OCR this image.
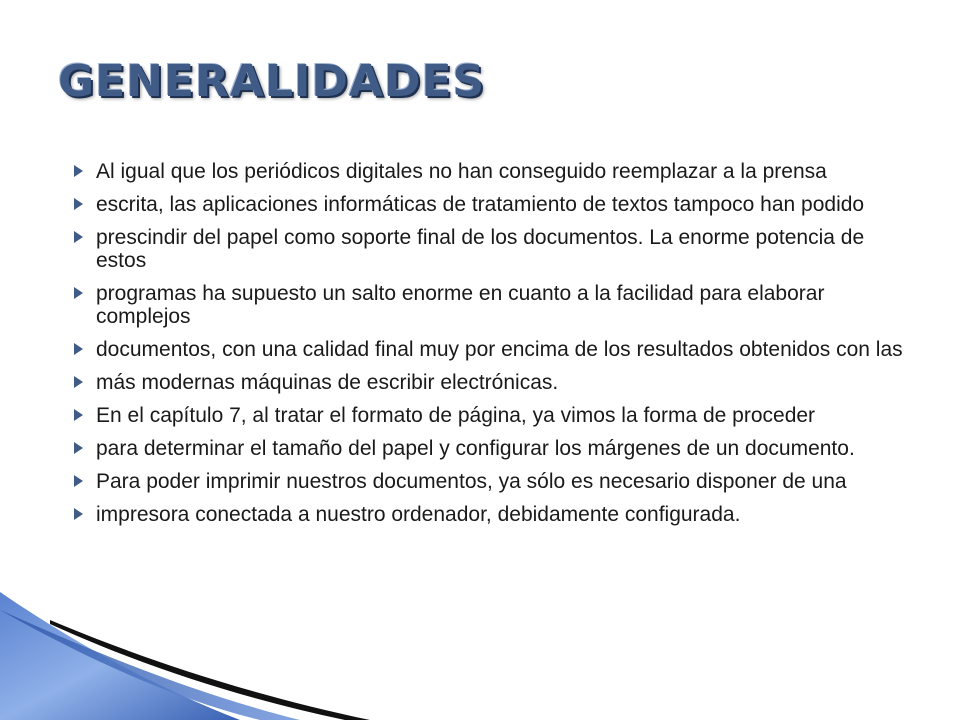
GENERALIDADES
Al igual que los periódicos digitales no han conseguido reemplazar a la prensa
escrita, las aplicaciones informáticas de tratamiento de textos tampoco han podido
prescindir del papel como soporte final de los documentos. La enorme potencia de estos
programas ha supuesto un salto enorme en cuanto a la facilidad para elaborar complejos
documentos, con una calidad final muy por encima de los resultados obtenidos con las
más modernas máquinas de escribir electrónicas.
En el capítulo 7, al tratar el formato de página, ya vimos la forma de proceder
para determinar el tamaño del papel y configurar los márgenes de un documento.
Para poder imprimir nuestros documentos, ya sólo es necesario disponer de una
impresora conectada a nuestro ordenador, debidamente configurada.
